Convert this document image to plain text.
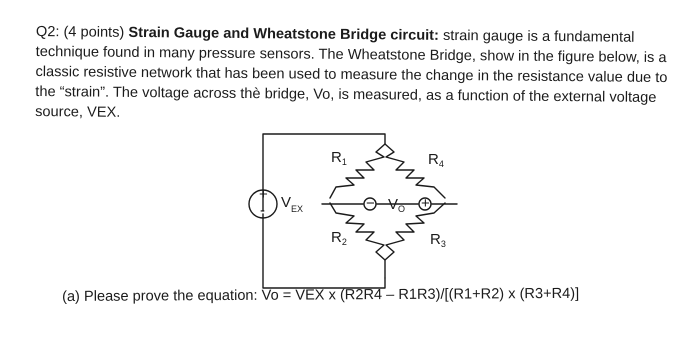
Q2: (4 points) Strain Gauge and Wheatstone Bridge circuit: strain gauge is a fundamental technique found in many pressure sensors. The Wheatstone Bridge, show in the figure below, is a classic resistive network that has been used to measure the change in the resistance value due to the “strain”. The voltage across thè bridge, Vo, is measured, as a function of the external voltage source, VEX.
+
- $V_{EX}$
$R_1$	$R_4$
$R_2$	$R_3$
− $V_O$ +
(a) Please prove the equation: Vo = VEX x (R2R4 – R1R3)/[(R1+R2) x (R3+R4)]
